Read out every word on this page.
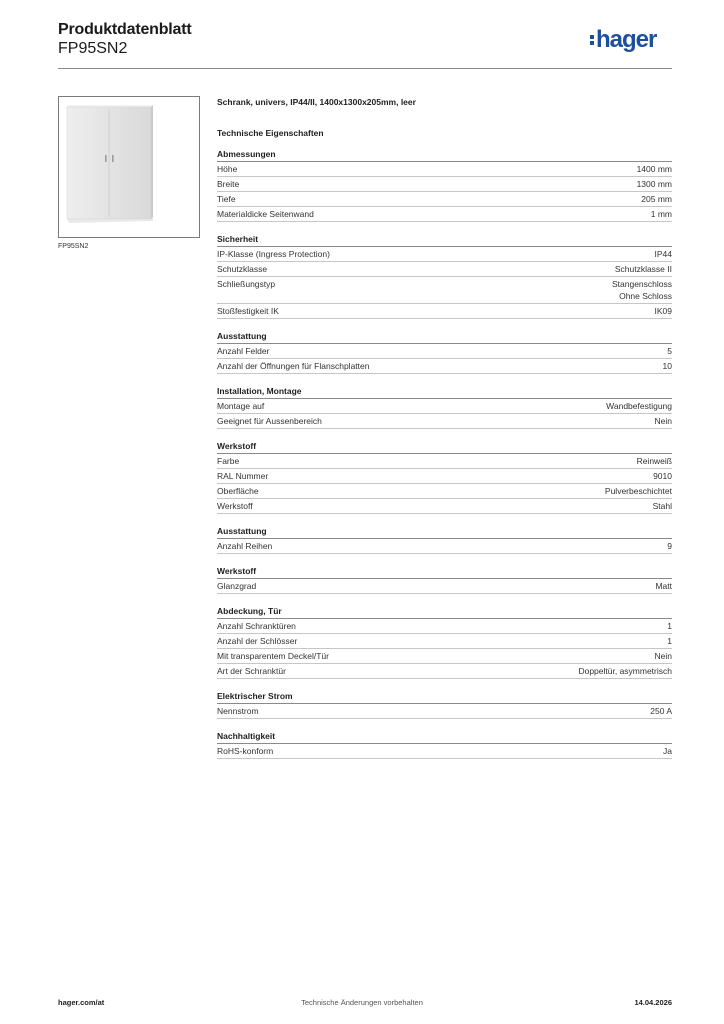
Produktdatenblatt
FP95SN2	hager
FP95SN2
Schrank, univers, IP44/II, 1400x1300x205mm, leer
Technische Eigenschaften
Abmessungen
Höhe	1400 mm
Breite	1300 mm
Tiefe	205 mm
Materialdicke Seitenwand	1 mm
Sicherheit
IP-Klasse (Ingress Protection)	IP44
Schutzklasse	Schutzklasse II
Schließungstyp	Stangenschloss
Ohne Schloss
Stoßfestigkeit IK	IK09
Ausstattung
Anzahl Felder	5
Anzahl der Öffnungen für Flanschplatten	10
Installation, Montage
Montage auf	Wandbefestigung
Geeignet für Aussenbereich	Nein
Werkstoff
Farbe	Reinweiß
RAL Nummer	9010
Oberfläche	Pulverbeschichtet
Werkstoff	Stahl
Ausstattung
Anzahl Reihen	9
Werkstoff
Glanzgrad	Matt
Abdeckung, Tür
Anzahl Schranktüren	1
Anzahl der Schlösser	1
Mit transparentem Deckel/Tür	Nein
Art der Schranktür	Doppeltür, asymmetrisch
Elektrischer Strom
Nennstrom	250 A
Nachhaltigkeit
RoHS-konform	Ja
hager.com/at	Technische Änderungen vorbehalten	14.04.2026
